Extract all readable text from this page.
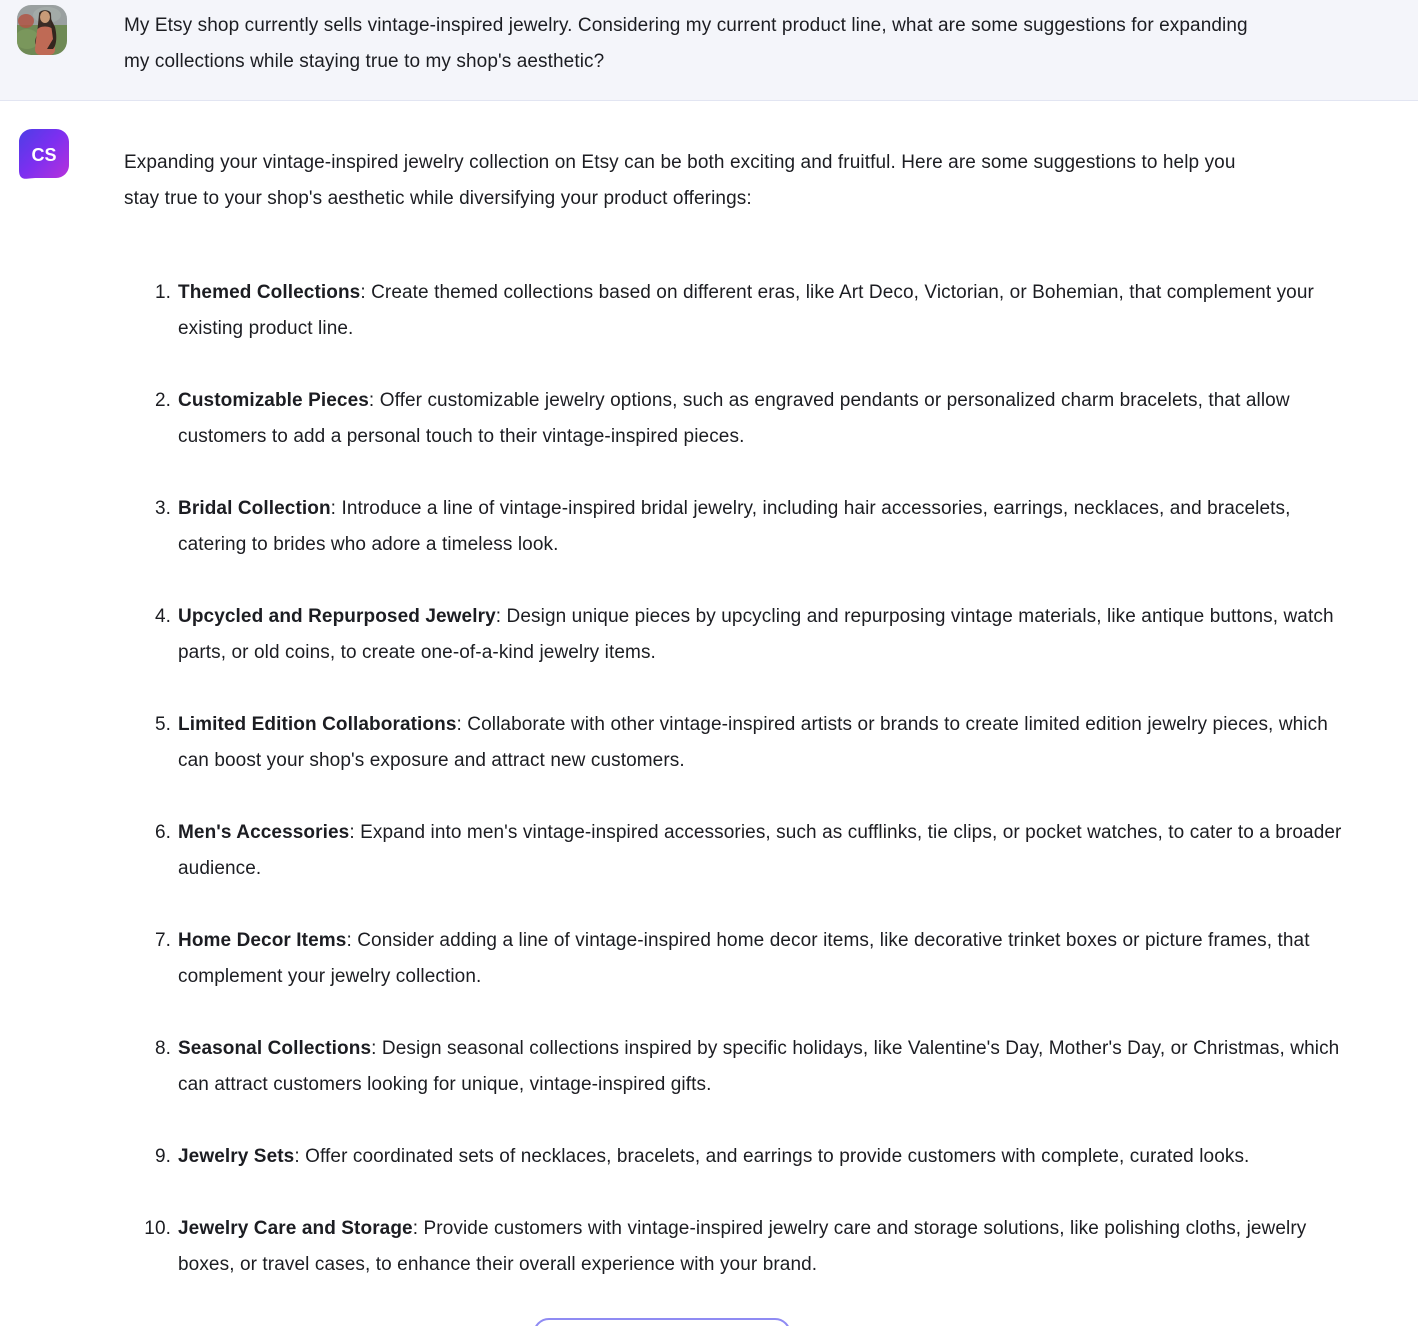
My Etsy shop currently sells vintage-inspired jewelry. Considering my current product line, what are some suggestions for expanding my collections while staying true to my shop's aesthetic?

CS	Expanding your vintage-inspired jewelry collection on Etsy can be both exciting and fruitful. Here are some suggestions to help you stay true to your shop's aesthetic while diversifying your product offerings:

1. Themed Collections: Create themed collections based on different eras, like Art Deco, Victorian, or Bohemian, that complement your existing product line.

2. Customizable Pieces: Offer customizable jewelry options, such as engraved pendants or personalized charm bracelets, that allow customers to add a personal touch to their vintage-inspired pieces.

3. Bridal Collection: Introduce a line of vintage-inspired bridal jewelry, including hair accessories, earrings, necklaces, and bracelets, catering to brides who adore a timeless look.

4. Upcycled and Repurposed Jewelry: Design unique pieces by upcycling and repurposing vintage materials, like antique buttons, watch parts, or old coins, to create one-of-a-kind jewelry items.

5. Limited Edition Collaborations: Collaborate with other vintage-inspired artists or brands to create limited edition jewelry pieces, which can boost your shop's exposure and attract new customers.

6. Men's Accessories: Expand into men's vintage-inspired accessories, such as cufflinks, tie clips, or pocket watches, to cater to a broader audience.

7. Home Decor Items: Consider adding a line of vintage-inspired home decor items, like decorative trinket boxes or picture frames, that complement your jewelry collection.

8. Seasonal Collections: Design seasonal collections inspired by specific holidays, like Valentine's Day, Mother's Day, or Christmas, which can attract customers looking for unique, vintage-inspired gifts.

9. Jewelry Sets: Offer coordinated sets of necklaces, bracelets, and earrings to provide customers with complete, curated looks.

10. Jewelry Care and Storage: Provide customers with vintage-inspired jewelry care and storage solutions, like polishing cloths, jewelry boxes, or travel cases, to enhance their overall experience with your brand.
